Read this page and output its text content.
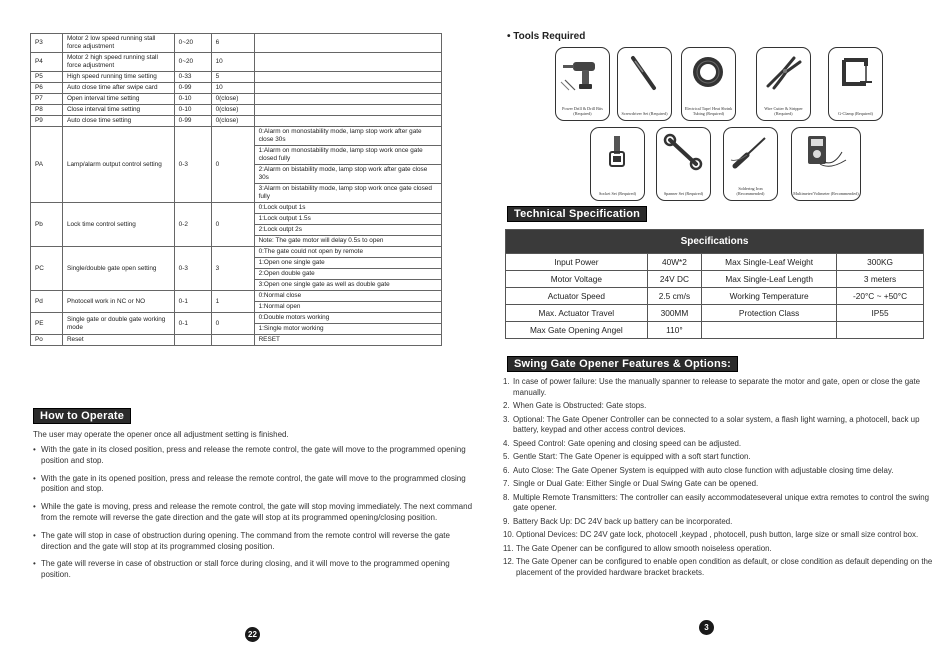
P3	Motor 2 low speed running stall force adjustment	0~20	6	
P4	Motor 2 high speed running stall force adjustment	0~20	10	
P5	High speed running time setting	0-33	5	
P6	Auto close time after swipe card	0-99	10	
P7	Open interval time setting	0-10	0(close)	
P8	Close interval time setting	0-10	0(close)	
P9	Auto close time setting	0-99	0(close)	
PA	Lamp/alarm output control setting	0-3	0	0:Alarm on monostability mode, lamp stop work after gate close 30s
1:Alarm on monostability mode, lamp stop work once gate closed fully
2:Alarm on bistability mode, lamp stop work after gate close 30s
3:Alarm on bistability mode, lamp stop work once gate closed fully

Pb	Lock time control setting	0-2	0	0:Lock output 1s
1:Lock output 1.5s
2:Lock outpt 2s
Note: The gate motor will delay 0.5s to open

PC	Single/double gate open setting	0-3	3	0:The gate could not open by remote
1:Open one single gate
2:Open double gate
3:Open one single gate as well as double gate

Pd	Photocell work in NC or NO	0-1	1	0:Normal close
1:Normal open

PE	Single gate or double gate working mode	0-1	0	0:Double motors working
1:Single motor working

Po	Reset			RESET
How to Operate

The user may operate the opener once all adjustment setting is finished.

• With the gate in its closed position, press and release the remote control, the gate will move to the programmed opening position and stop.
• With the gate in its opened position, press and release the remote control, the gate will move to the programmed closing position and stop.
• While the gate is moving, press and release the remote control, the gate will stop moving immediately. The next command from the remote will reverse the gate direction and the gate will stop at its programmed opening/closing position.
• The gate will stop in case of obstruction during opening. The command from the remote control will reverse the gate direction and the gate will stop at its programmed closing position.
• The gate will reverse in case of obstruction or stall force during closing, and it will move to the programmed opening position.
22
• Tools Required
Power Drill & Drill Bits (Required)	Screwdriver Set (Required)
Electrical Tape/ Heat Shrink Tubing (Required)
Wire Cutter & Stripper (Required)	G-Clamp (Required)
Socket Set (Required)	Spanner Set (Required)
Soldering Iron (Recommended)	Multimeter/Voltmeter (Recommended)
Technical Specification
Specifications			
Input Power	40W*2	Max Single-Leaf Weight	300KG
Motor Voltage	24V DC	Max Single-Leaf Length	3 meters
Actuator Speed	2.5 cm/s	Working Temperature	-20°C ~ +50°C
Max. Actuator Travel	300MM	Protection Class	IP55
Max Gate Opening Angel	110°		
Swing Gate Opener Features & Options:
1. In case of power failure: Use the manually spanner to release to separate the motor and gate, open or close the gate manually.
2. When Gate is Obstructed: Gate stops.
3. Optional: The Gate Opener Controller can be connected to a solar system, a flash light warning, a photocell, back up battery, keypad and other access control devices.
4. Speed Control: Gate opening and closing speed can be adjusted.
5. Gentle Start: The Gate Opener is equipped with a soft start function.
6. Auto Close: The Gate Opener System is equipped with auto close function with adjustable closing time delay.
7. Single or Dual Gate: Either Single or Dual Swing Gate can be opened.
8. Multiple Remote Transmitters: The controller can easily accommodateseveral unique extra remotes to control the swing gate opener.
9. Battery Back Up: DC 24V back up battery can be incorporated.
10. Optional Devices: DC 24V gate lock, photocell ,keypad , photocell, push button, large size or small size control box.
11. The Gate Opener can be configured to allow smooth noiseless operation.
12. The Gate Opener can be configured to enable open condition as default, or close condition as default depending on the placement of the provided hardware bracket brackets.
3
